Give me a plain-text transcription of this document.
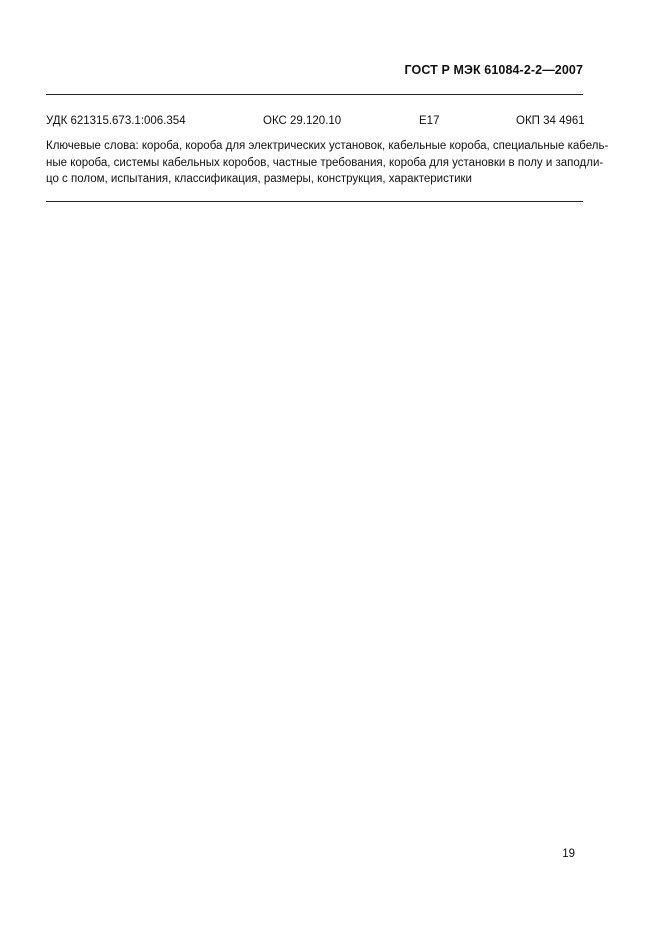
ГОСТ Р МЭК 61084-2-2—2007
УДК 621315.673.1:006.354	ОКС 29.120.10	Е17	ОКП 34 4961
Ключевые слова: короба, короба для электрических установок, кабельные короба, специальные кабель-
ные короба, системы кабельных коробов, частные требования, короба для установки в полу и заподли-
цо с полом, испытания, классификация, размеры, конструкция, характеристики
19
